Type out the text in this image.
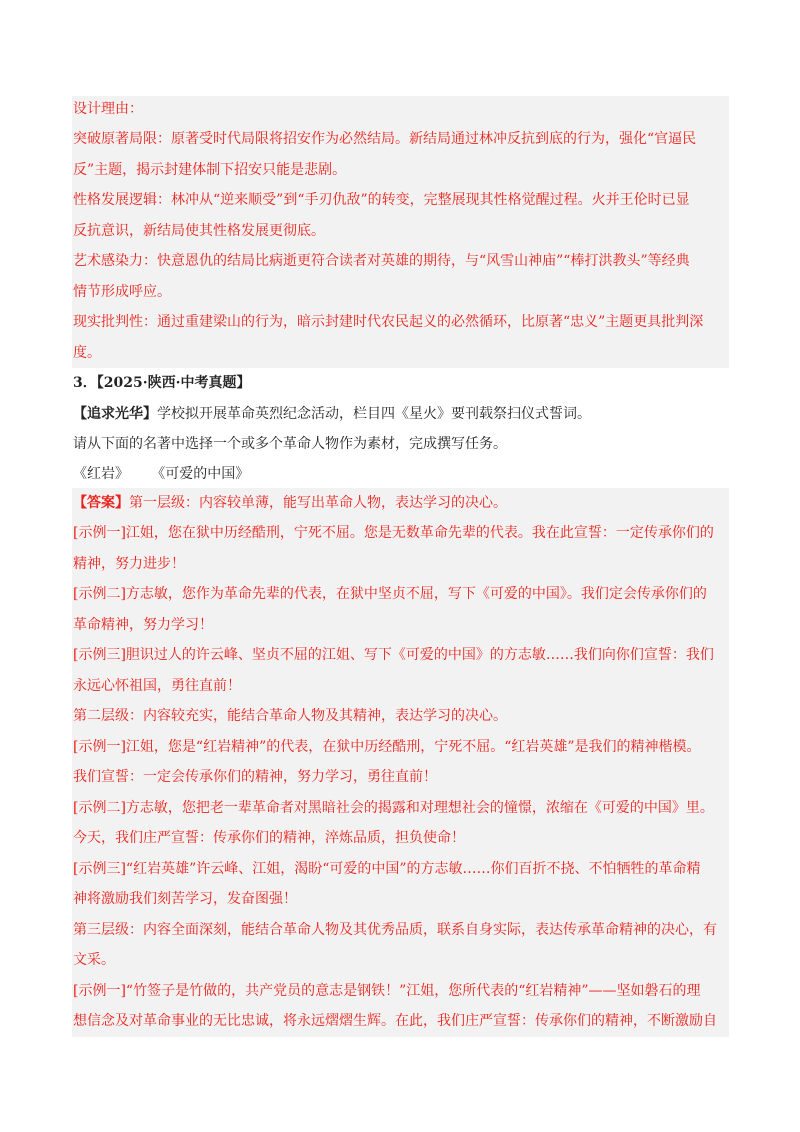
设计理由：
突破原著局限：原著受时代局限将招安作为必然结局。新结局通过林冲反抗到底的行为，强化“官逼民
反”主题，揭示封建体制下招安只能是悲剧。
性格发展逻辑：林冲从“逆来顺受”到“手刃仇敌”的转变，完整展现其性格觉醒过程。火并王伦时已显
反抗意识，新结局使其性格发展更彻底。
艺术感染力：快意恩仇的结局比病逝更符合读者对英雄的期待，与“风雪山神庙”“棒打洪教头”等经典
情节形成呼应。
现实批判性：通过重建梁山的行为，暗示封建时代农民起义的必然循环，比原著“忠义”主题更具批判深
度。
3．【2025·陕西·中考真题】
【追求光华】学校拟开展革命英烈纪念活动，栏目四《星火》要刊载祭扫仪式誓词。
请从下面的名著中选择一个或多个革命人物作为素材，完成撰写任务。
《红岩》     《可爱的中国》
【答案】第一层级：内容较单薄，能写出革命人物，表达学习的决心。
[示例一]江姐，您在狱中历经酷刑，宁死不屈。您是无数革命先辈的代表。我在此宣誓：一定传承你们的
精神，努力进步！
[示例二]方志敏，您作为革命先辈的代表，在狱中坚贞不屈，写下《可爱的中国》。我们定会传承你们的
革命精神，努力学习！
[示例三]胆识过人的许云峰、坚贞不屈的江姐、写下《可爱的中国》的方志敏……我们向你们宣誓：我们
永远心怀祖国，勇往直前！
第二层级：内容较充实，能结合革命人物及其精神，表达学习的决心。
[示例一]江姐，您是“红岩精神”的代表，在狱中历经酷刑，宁死不屈。“红岩英雄”是我们的精神楷模。
我们宣誓：一定会传承你们的精神，努力学习，勇往直前！
[示例二]方志敏，您把老一辈革命者对黑暗社会的揭露和对理想社会的憧憬，浓缩在《可爱的中国》里。
今天，我们庄严宣誓：传承你们的精神，淬炼品质，担负使命！
[示例三]“红岩英雄”许云峰、江姐，渴盼“可爱的中国”的方志敏……你们百折不挠、不怕牺牲的革命精
神将激励我们刻苦学习，发奋图强！
第三层级：内容全面深刻，能结合革命人物及其优秀品质，联系自身实际，表达传承革命精神的决心，有
文采。
[示例一]“竹签子是竹做的，共产党员的意志是钢铁！”江姐，您所代表的“红岩精神”——坚如磐石的理
想信念及对革命事业的无比忠诚，将永远熠熠生辉。在此，我们庄严宣誓：传承你们的精神，不断激励自
